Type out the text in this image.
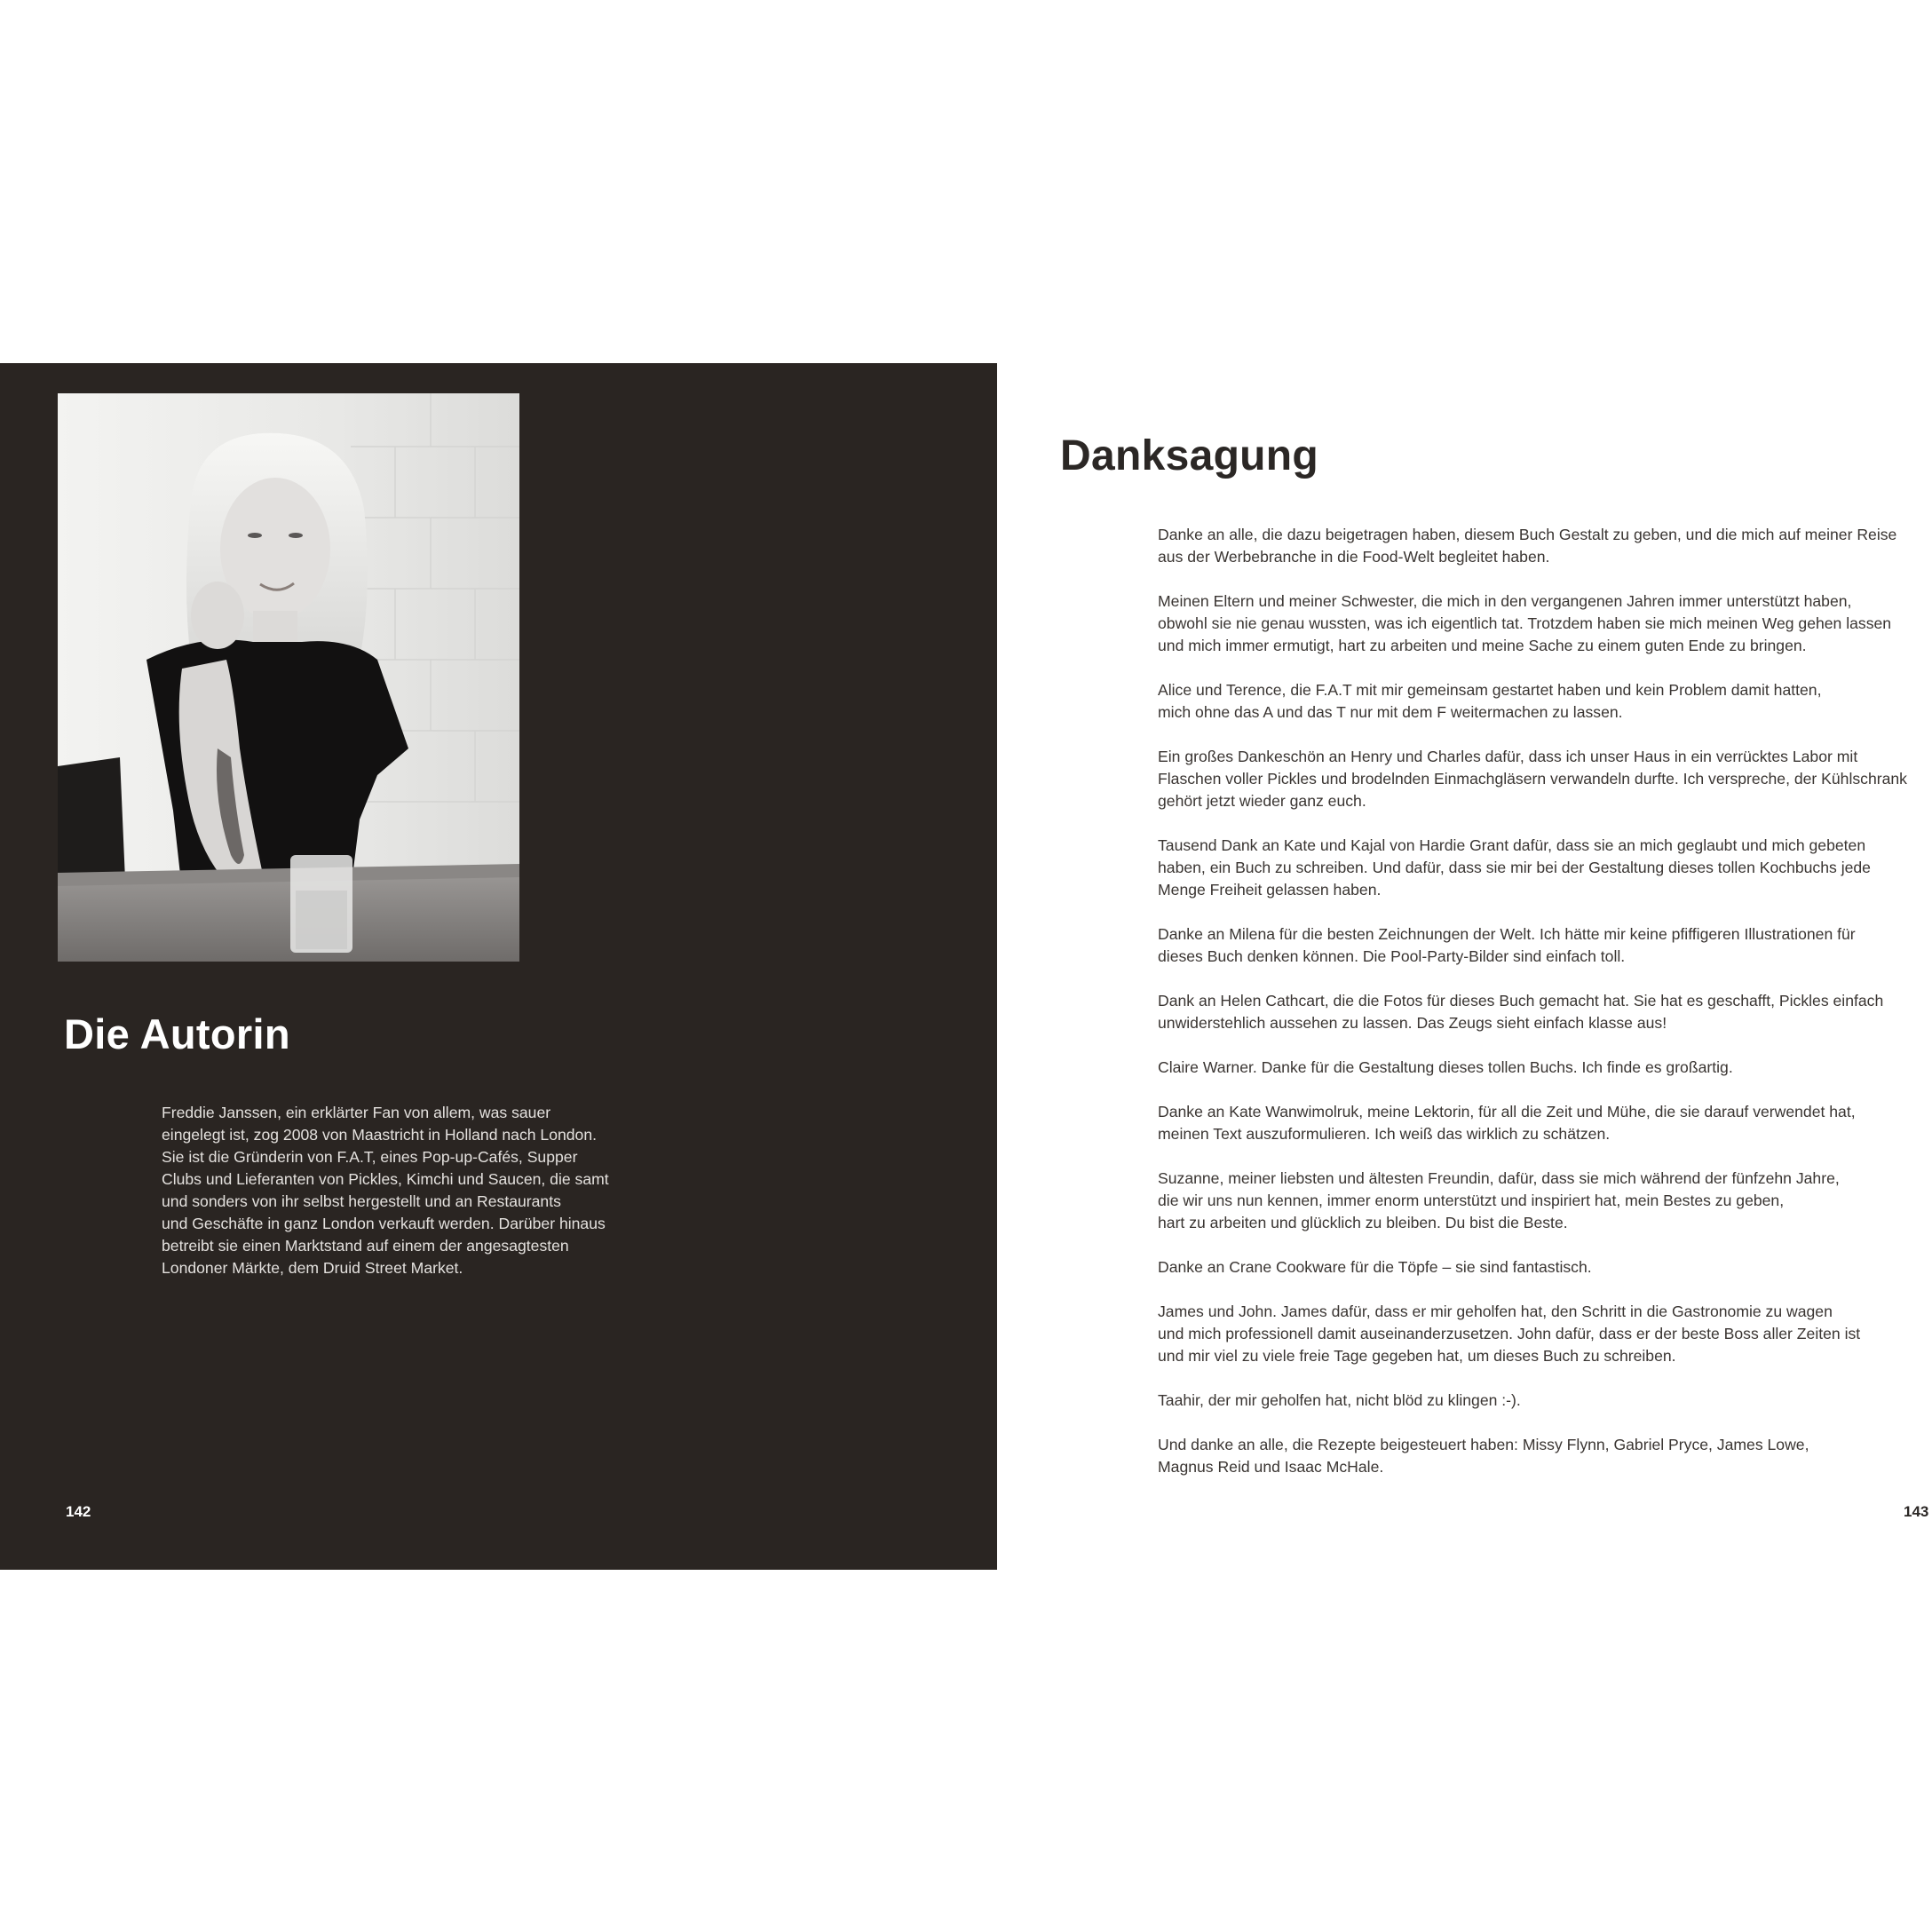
Die Autorin
Freddie Janssen, ein erklärter Fan von allem, was sauer
eingelegt ist, zog 2008 von Maastricht in Holland nach London.
Sie ist die Gründerin von F.A.T, eines Pop-up-Cafés, Supper
Clubs und Lieferanten von Pickles, Kimchi und Saucen, die samt
und sonders von ihr selbst hergestellt und an Restaurants
und Geschäfte in ganz London verkauft werden. Darüber hinaus
betreibt sie einen Marktstand auf einem der angesagtesten
Londoner Märkte, dem Druid Street Market.
142
Danksagung

Danke an alle, die dazu beigetragen haben, diesem Buch Gestalt zu geben, und die mich auf meiner Reise
aus der Werbebranche in die Food-Welt begleitet haben.

Meinen Eltern und meiner Schwester, die mich in den vergangenen Jahren immer unterstützt haben,
obwohl sie nie genau wussten, was ich eigentlich tat. Trotzdem haben sie mich meinen Weg gehen lassen
und mich immer ermutigt, hart zu arbeiten und meine Sache zu einem guten Ende zu bringen.

Alice und Terence, die F.A.T mit mir gemeinsam gestartet haben und kein Problem damit hatten,
mich ohne das A und das T nur mit dem F weitermachen zu lassen.

Ein großes Dankeschön an Henry und Charles dafür, dass ich unser Haus in ein verrücktes Labor mit
Flaschen voller Pickles und brodelnden Einmachgläsern verwandeln durfte. Ich verspreche, der Kühlschrank
gehört jetzt wieder ganz euch.

Tausend Dank an Kate und Kajal von Hardie Grant dafür, dass sie an mich geglaubt und mich gebeten
haben, ein Buch zu schreiben. Und dafür, dass sie mir bei der Gestaltung dieses tollen Kochbuchs jede
Menge Freiheit gelassen haben.

Danke an Milena für die besten Zeichnungen der Welt. Ich hätte mir keine pfiffigeren Illustrationen für
dieses Buch denken können. Die Pool-Party-Bilder sind einfach toll.

Dank an Helen Cathcart, die die Fotos für dieses Buch gemacht hat. Sie hat es geschafft, Pickles einfach
unwiderstehlich aussehen zu lassen. Das Zeugs sieht einfach klasse aus!

Claire Warner. Danke für die Gestaltung dieses tollen Buchs. Ich finde es großartig.

Danke an Kate Wanwimolruk, meine Lektorin, für all die Zeit und Mühe, die sie darauf verwendet hat,
meinen Text auszuformulieren. Ich weiß das wirklich zu schätzen.

Suzanne, meiner liebsten und ältesten Freundin, dafür, dass sie mich während der fünfzehn Jahre,
die wir uns nun kennen, immer enorm unterstützt und inspiriert hat, mein Bestes zu geben,
hart zu arbeiten und glücklich zu bleiben. Du bist die Beste.

Danke an Crane Cookware für die Töpfe – sie sind fantastisch.

James und John. James dafür, dass er mir geholfen hat, den Schritt in die Gastronomie zu wagen
und mich professionell damit auseinanderzusetzen. John dafür, dass er der beste Boss aller Zeiten ist
und mir viel zu viele freie Tage gegeben hat, um dieses Buch zu schreiben.

Taahir, der mir geholfen hat, nicht blöd zu klingen :-).

Und danke an alle, die Rezepte beigesteuert haben: Missy Flynn, Gabriel Pryce, James Lowe,
Magnus Reid und Isaac McHale.

143
